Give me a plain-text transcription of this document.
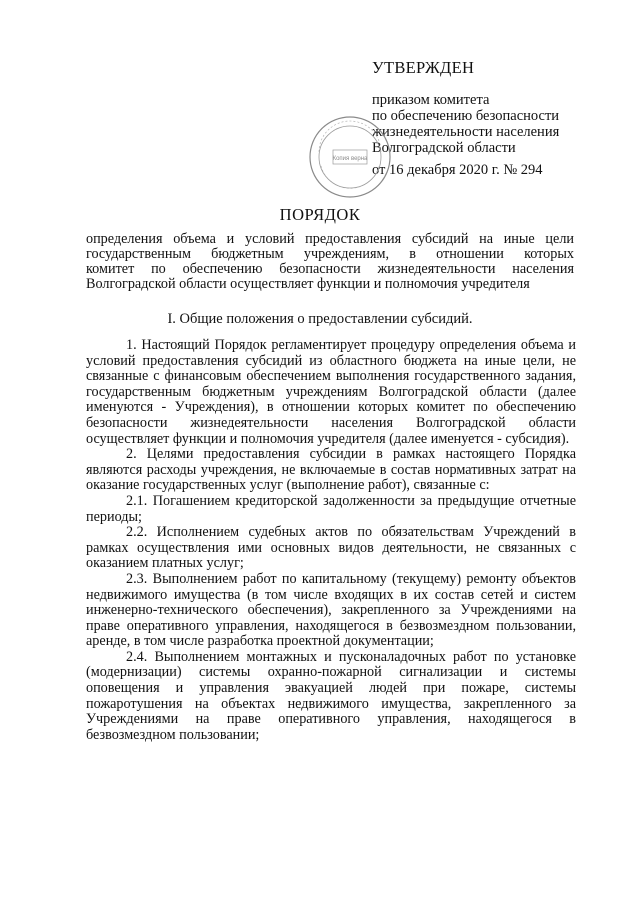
УТВЕРЖДЕН
приказом комитета
по обеспечению безопасности
жизнедеятельности населения
Волгоградской области
от 16 декабря 2020 г. № 294
Копия верна
ПОРЯДОК
определения объема и условий предоставления субсидий на иные цели
государственным бюджетным учреждениям, в отношении которых
комитет по обеспечению безопасности жизнедеятельности населения
Волгоградской области осуществляет функции и полномочия учредителя
I. Общие положения о предоставлении субсидий.

1. Настоящий Порядок регламентирует процедуру определения объема и условий предоставления субсидий из областного бюджета на иные цели, не связанные с финансовым обеспечением выполнения государственного задания, государственным бюджетным учреждениям Волгоградской области (далее именуются - Учреждения), в отношении которых комитет по обеспечению безопасности жизнедеятельности населения Волгоградской области осуществляет функции и полномочия учредителя (далее именуется - субсидия).

2. Целями предоставления субсидии в рамках настоящего Порядка являются расходы учреждения, не включаемые в состав нормативных затрат на оказание государственных услуг (выполнение работ), связанные с:

2.1. Погашением кредиторской задолженности за предыдущие отчетные периоды;

2.2. Исполнением судебных актов по обязательствам Учреждений в рамках осуществления ими основных видов деятельности, не связанных с оказанием платных услуг;

2.3. Выполнением работ по капитальному (текущему) ремонту объектов недвижимого имущества (в том числе входящих в их состав сетей и систем инженерно-технического обеспечения), закрепленного за Учреждениями на праве оперативного управления, находящегося в безвозмездном пользовании, аренде, в том числе разработка проектной документации;

2.4. Выполнением монтажных и пусконаладочных работ по установке (модернизации) системы охранно-пожарной сигнализации и системы оповещения и управления эвакуацией людей при пожаре, системы пожаротушения на объектах недвижимого имущества, закрепленного за Учреждениями на праве оперативного управления, находящегося в безвозмездном пользовании;
